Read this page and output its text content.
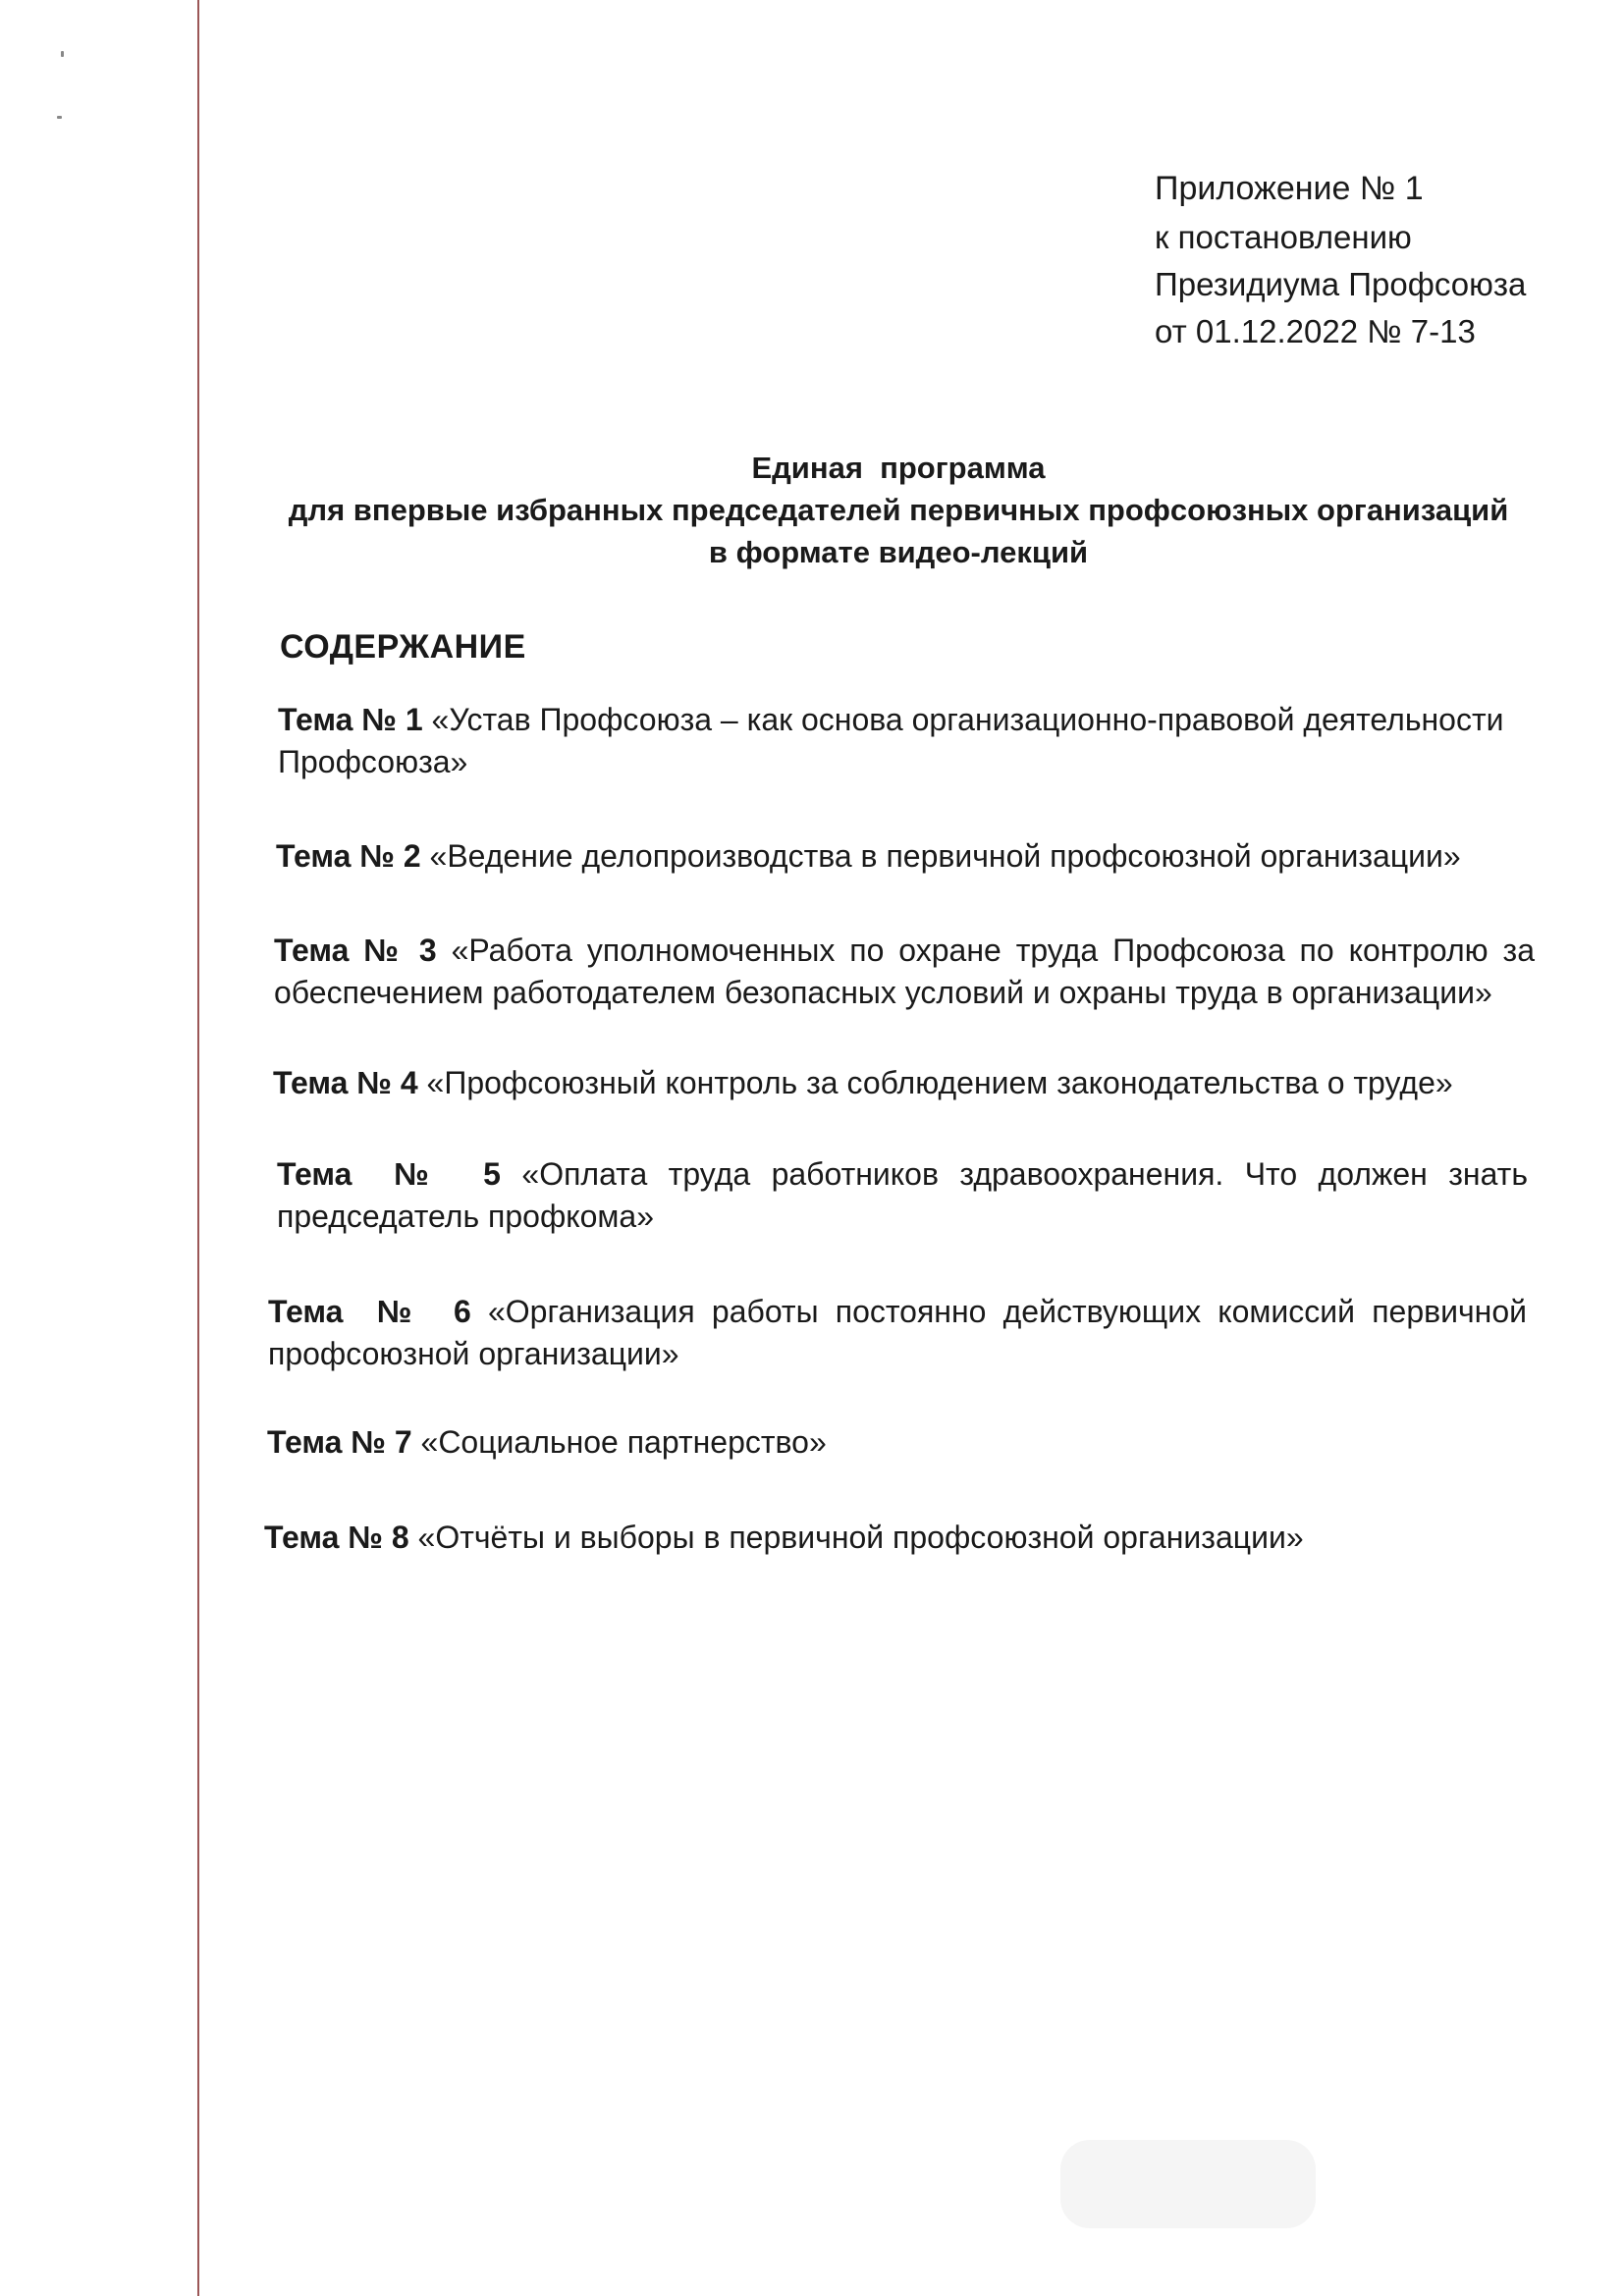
Приложение № 1
к постановлению
Президиума Профсоюза
от 01.12.2022 № 7-13
Единая  программа
для впервые избранных председателей первичных профсоюзных организаций
в формате видео-лекций
СОДЕРЖАНИЕ
Тема № 1 «Устав Профсоюза – как основа организационно-правовой деятельности Профсоюза»
Тема № 2 «Ведение делопроизводства в первичной профсоюзной организации»
Тема № 3 «Работа уполномоченных по охране труда Профсоюза по контролю за обеспечением работодателем безопасных условий и охраны труда в организации»
Тема № 4 «Профсоюзный контроль за соблюдением законодательства о труде»
Тема  №  5 «Оплата труда работников здравоохранения. Что должен знать председатель профкома»
Тема  №  6 «Организация работы постоянно действующих комиссий первичной профсоюзной организации»
Тема № 7 «Социальное партнерство»
Тема № 8 «Отчёты и выборы в первичной профсоюзной организации»
